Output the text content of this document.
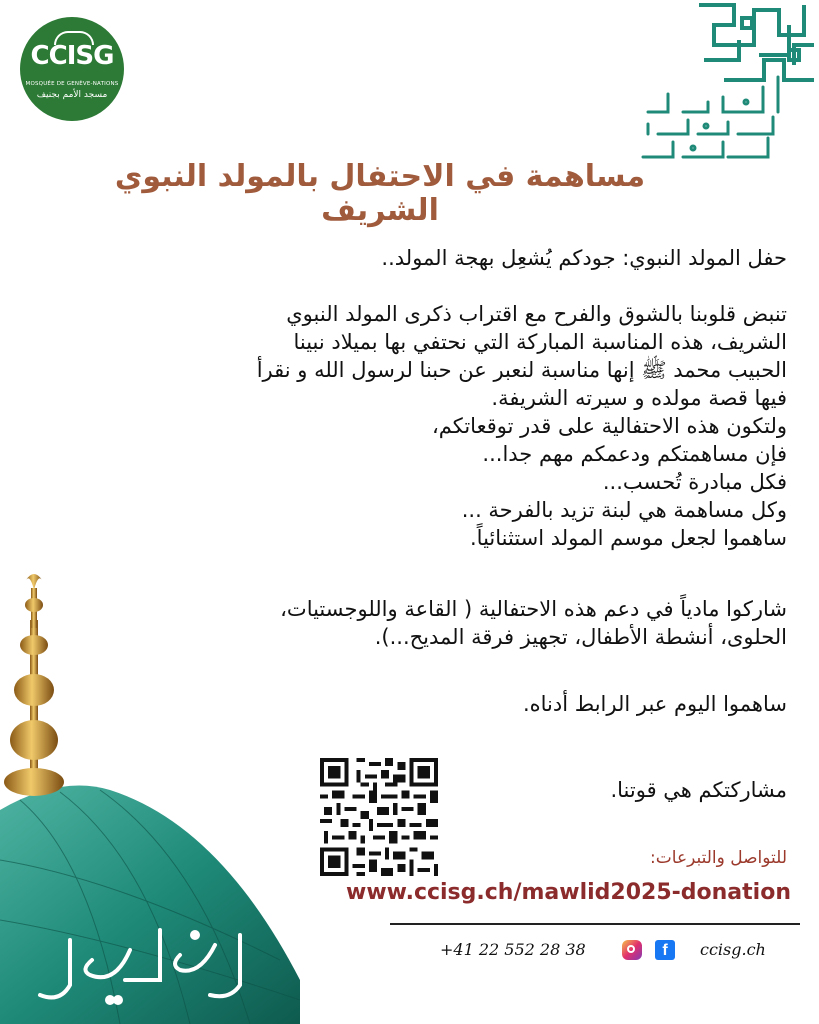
CCISG
MOSQUÉE DE GENÈVE-NATIONS
مسجد الأمم بجنيف
مساهمة في الاحتفال بالمولد النبوي الشريف
حفل المولد النبوي: جودكم يُشعِل بهجة المولد..
تنبض قلوبنا بالشوق والفرح مع اقتراب ذكرى المولد النبوي
الشريف، هذه المناسبة المباركة التي نحتفي بها بميلاد نبينا
الحبيب محمد ﷺ إنها مناسبة لنعبر عن حبنا لرسول الله و نقرأ
فيها قصة مولده و سيرته الشريفة.
ولتكون هذه الاحتفالية على قدر توقعاتكم،
فإن مساهمتكم ودعمكم مهم جدا...
فكل مبادرة تُحسب...
وكل مساهمة هي لبنة تزيد بالفرحة ...
ساهموا لجعل موسم المولد استثنائياً.
شاركوا مادياً في دعم هذه الاحتفالية ( القاعة واللوجستيات،
الحلوى، أنشطة الأطفال، تجهيز فرقة المديح...).
ساهموا اليوم عبر الرابط أدناه.
مشاركتكم هي قوتنا.
للتواصل والتبرعات:
www.ccisg.ch/mawlid2025-donation
+41 22 552 28 38	f	ccisg.ch
